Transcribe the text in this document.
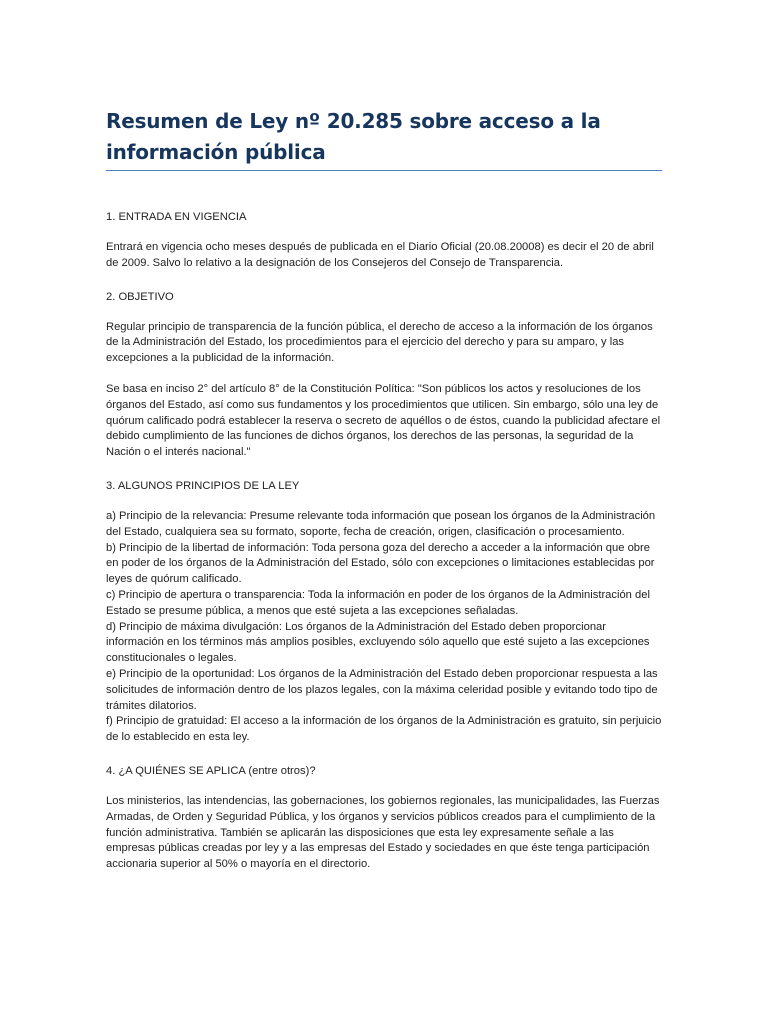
Resumen de Ley nº 20.285 sobre acceso a la información pública

1. ENTRADA EN VIGENCIA

Entrará en vigencia ocho meses después de publicada en el Diario Oficial (20.08.20008) es decir el 20 de abril de 2009. Salvo lo relativo a la designación de los Consejeros del Consejo de Transparencia.

2. OBJETIVO

Regular principio de transparencia de la función pública, el derecho de acceso a la información de los órganos de la Administración del Estado, los procedimientos para el ejercicio del derecho y para su amparo, y las excepciones a la publicidad de la información.

Se basa en inciso 2° del artículo 8° de la Constitución Política: "Son públicos los actos y resoluciones de los órganos del Estado, así como sus fundamentos y los procedimientos que utilicen. Sin embargo, sólo una ley de quórum calificado podrá establecer la reserva o secreto de aquéllos o de éstos, cuando la publicidad afectare el debido cumplimiento de las funciones de dichos órganos, los derechos de las personas, la seguridad de la Nación o el interés nacional."

3. ALGUNOS PRINCIPIOS DE LA LEY

a) Principio de la relevancia: Presume relevante toda información que posean los órganos de la Administración del Estado, cualquiera sea su formato, soporte, fecha de creación, origen, clasificación o procesamiento.
b) Principio de la libertad de información: Toda persona goza del derecho a acceder a la información que obre en poder de los órganos de la Administración del Estado, sólo con excepciones o limitaciones establecidas por leyes de quórum calificado.
c) Principio de apertura o transparencia: Toda la información en poder de los órganos de la Administración del Estado se presume pública, a menos que esté sujeta a las excepciones señaladas.
d) Principio de máxima divulgación: Los órganos de la Administración del Estado deben proporcionar información en los términos más amplios posibles, excluyendo sólo aquello que esté sujeto a las excepciones constitucionales o legales.
e) Principio de la oportunidad: Los órganos de la Administración del Estado deben proporcionar respuesta a las solicitudes de información dentro de los plazos legales, con la máxima celeridad posible y evitando todo tipo de trámites dilatorios.
f) Principio de gratuidad: El acceso a la información de los órganos de la Administración es gratuito, sin perjuicio de lo establecido en esta ley.

4. ¿A QUIÉNES SE APLICA (entre otros)?

Los ministerios, las intendencias, las gobernaciones, los gobiernos regionales, las municipalidades, las Fuerzas Armadas, de Orden y Seguridad Pública, y los órganos y servicios públicos creados para el cumplimiento de la función administrativa. También se aplicarán las disposiciones que esta ley expresamente señale a las empresas públicas creadas por ley y a las empresas del Estado y sociedades en que éste tenga participación accionaria superior al 50% o mayoría en el directorio.
